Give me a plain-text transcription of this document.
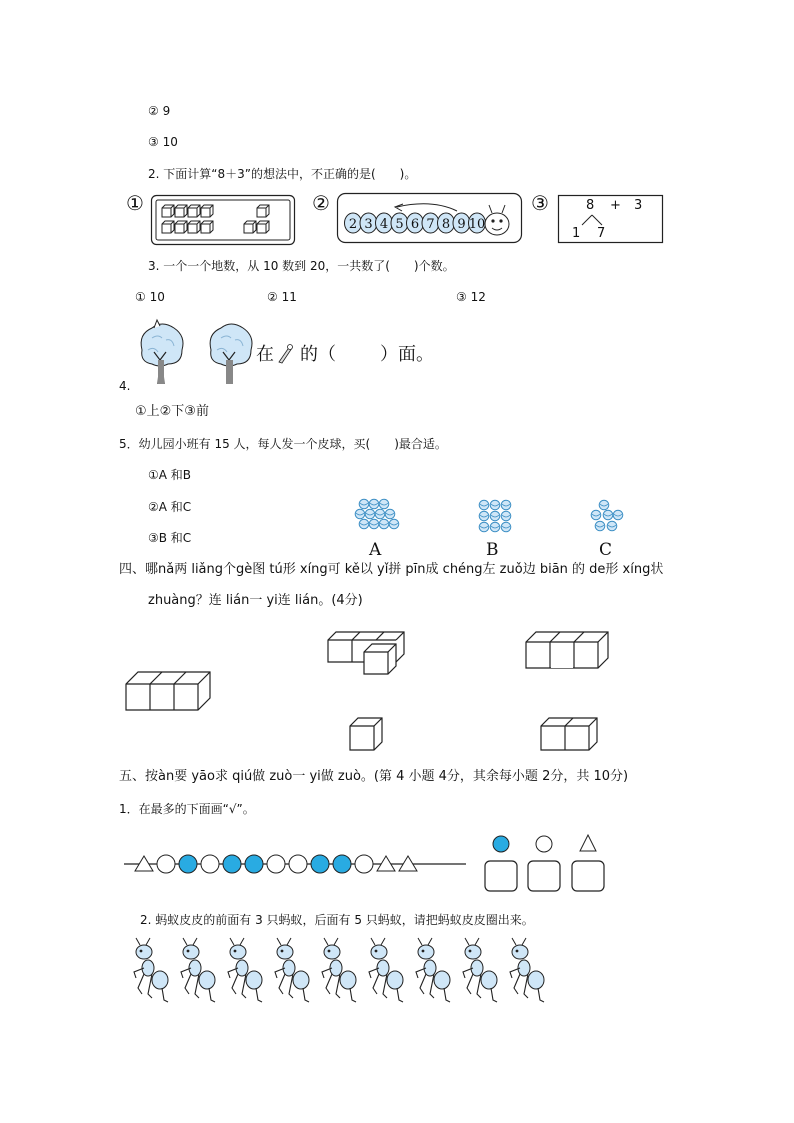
② 9
③ 10
2. 下面计算“8＋3”的想法中，不正确的是(　　)。
①	②	③
2 3 4 5 6 7 8 9 10
8 + 3
1 7
3. 一个一个地数，从 10 数到 20，一共数了(　　)个数。
① 10	② 11	③ 12
在 的（ ）面。
4.
①上②下③前
5．幼儿园小班有 15 人，每人发一个皮球，买(　　)最合适。
①A 和B
②A 和C
③B 和C
A	B	C
四、哪nǎ两 liǎng个gè图 tú形 xíng可 kě以 yǐ拼 pīn成 chéng左 zuǒ边 biān 的 de形 xíng状
zhuàng？连 lián一 yi连 lián。(4分)
五、按àn要 yāo求 qiú做 zuò一 yi做 zuò。(第 4 小题 4分，其余每小题 2分，共 10分)
1．在最多的下面画“√”。
2. 蚂蚁皮皮的前面有 3 只蚂蚁，后面有 5 只蚂蚁，请把蚂蚁皮皮圈出来。
